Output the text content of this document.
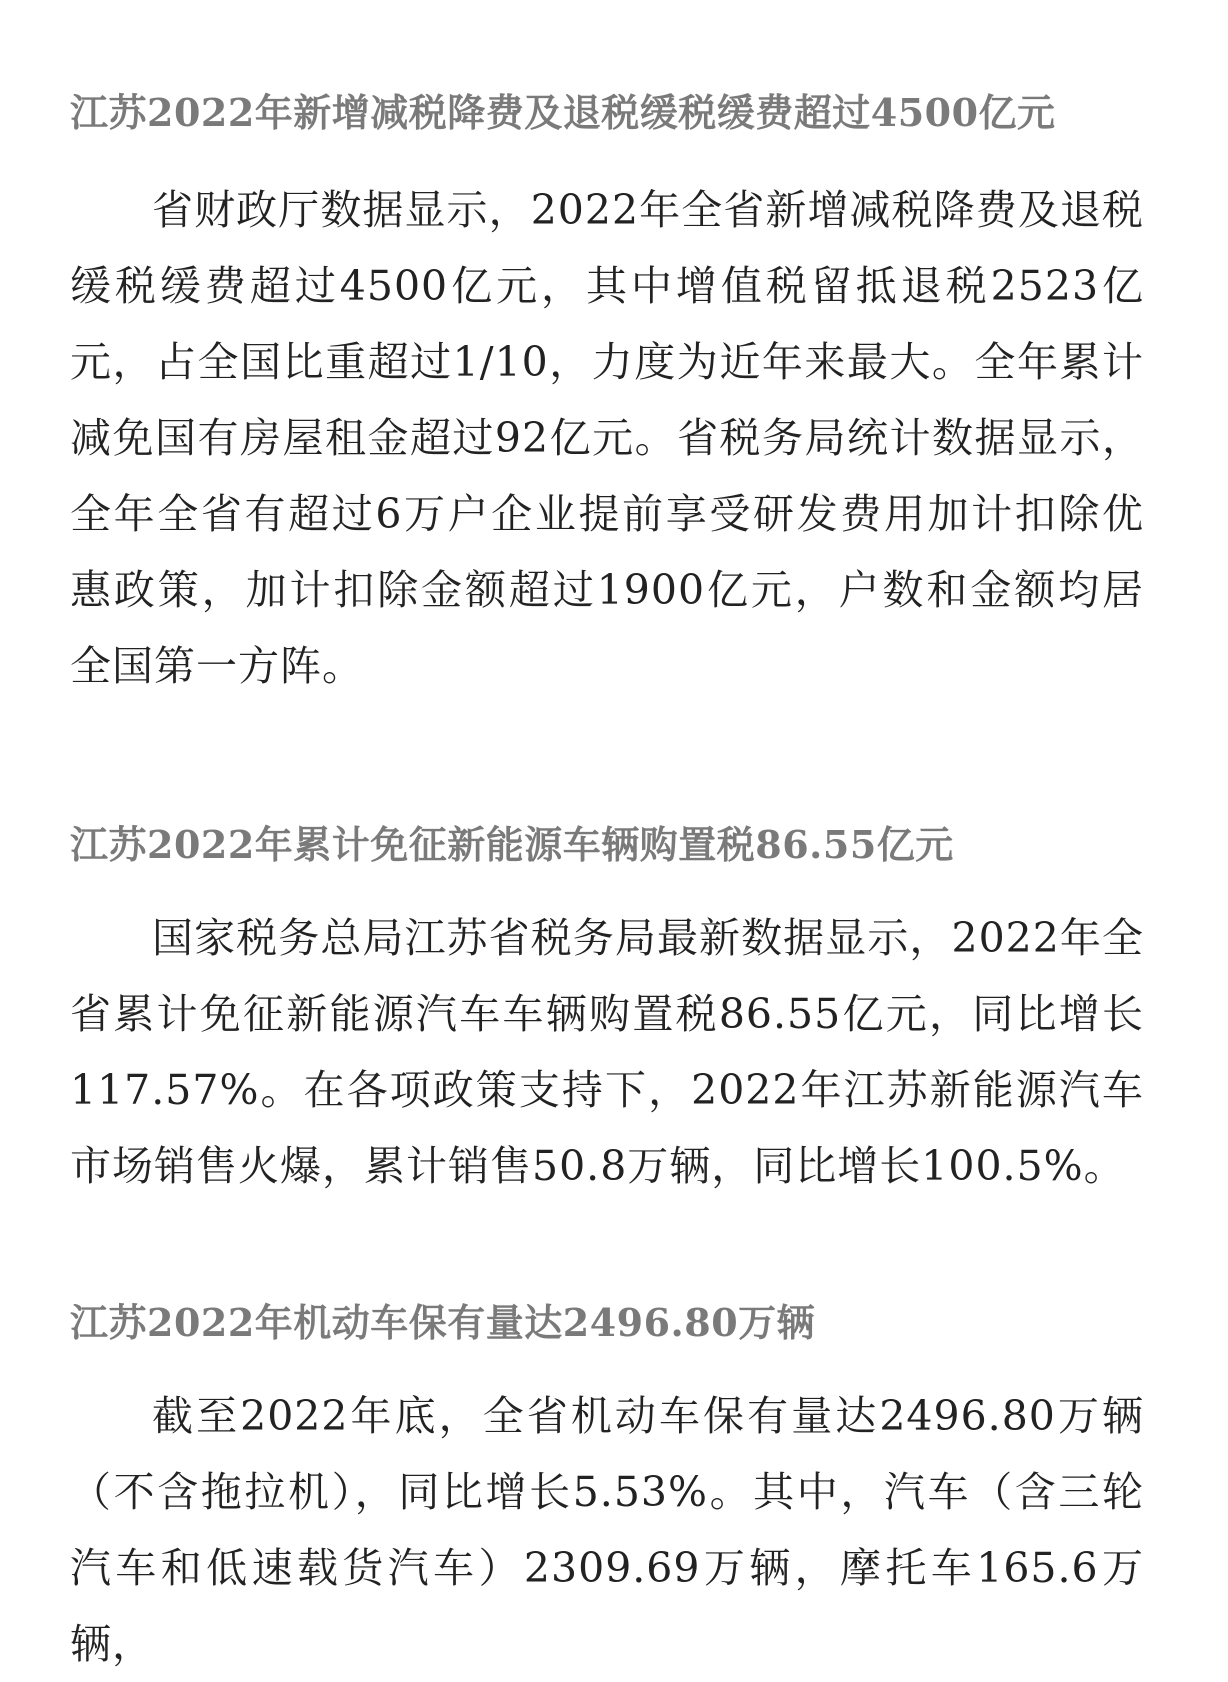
江苏2022年新增减税降费及退税缓税缓费超过4500亿元
省财政厅数据显示，2022年全省新增减税降费及退税缓税缓费超过4500亿元，其中增值税留抵退税2523亿元，占全国比重超过1/10，力度为近年来最大。全年累计减免国有房屋租金超过92亿元。省税务局统计数据显示，全年全省有超过6万户企业提前享受研发费用加计扣除优惠政策，加计扣除金额超过1900亿元，户数和金额均居全国第一方阵。
江苏2022年累计免征新能源车辆购置税86.55亿元
国家税务总局江苏省税务局最新数据显示，2022年全省累计免征新能源汽车车辆购置税86.55亿元，同比增长117.57%。在各项政策支持下，2022年江苏新能源汽车市场销售火爆，累计销售50.8万辆，同比增长100.5%。
江苏2022年机动车保有量达2496.80万辆
截至2022年底，全省机动车保有量达2496.80万辆（不含拖拉机），同比增长5.53%。其中，汽车（含三轮汽车和低速载货汽车）2309.69万辆，摩托车165.6万辆，
